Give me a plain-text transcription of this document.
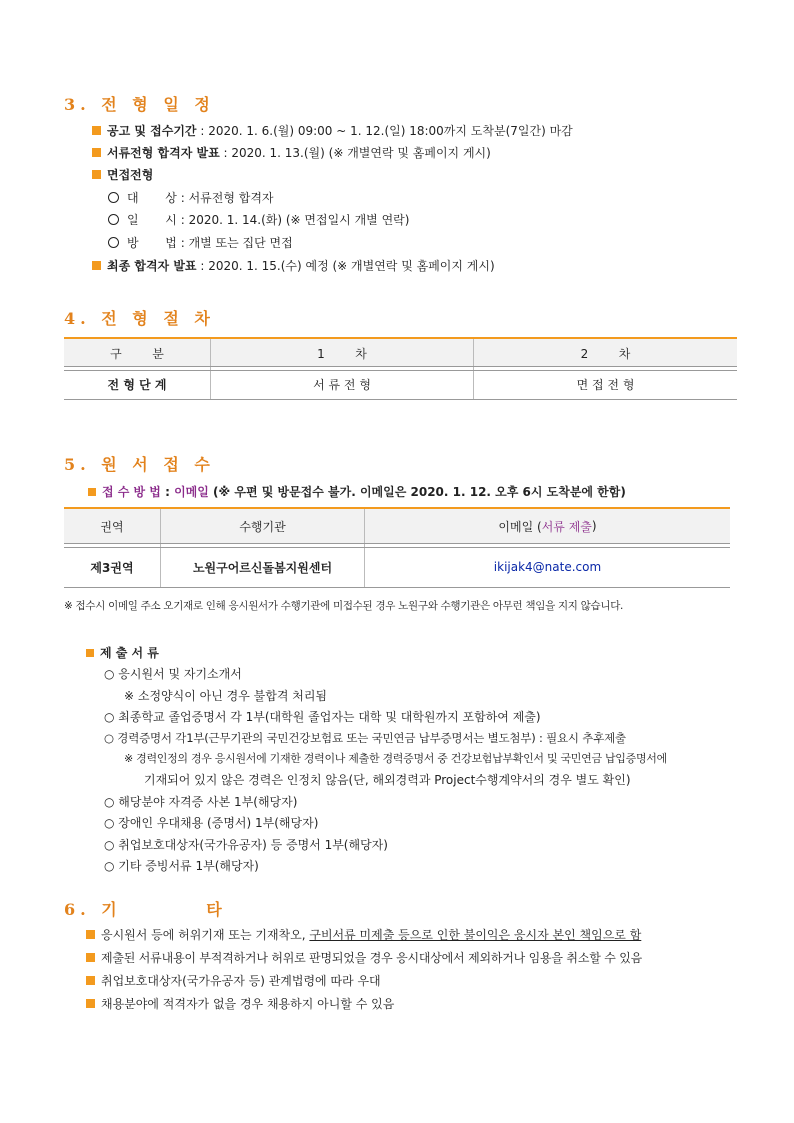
3. 전 형 일 정
공고 및 접수기간 : 2020. 1. 6.(월) 09:00 ~ 1. 12.(일) 18:00까지 도착분(7일간) 마감
서류전형 합격자 발표 : 2020. 1. 13.(월) (※ 개별연락 및 홈페이지 게시)
면접전형
대       상 : 서류전형 합격자
일       시 : 2020. 1. 14.(화) (※ 면접일시 개별 연락)
방       법 : 개별 또는 집단 면접
최종 합격자 발표 : 2020. 1. 15.(수) 예정 (※ 개별연락 및 홈페이지 게시)
4. 전 형 절 차
구        분	1        차	2        차
전 형 단 계	서 류 전 형	면 접 전 형
5. 원 서 접 수
접 수 방 법 : 이메일 (※ 우편 및 방문접수 불가. 이메일은 2020. 1. 12. 오후 6시 도착분에 한함)
권역	수행기관	이메일 ( 서류 제출 )
제3권역	노원구어르신돌봄지원센터	ikijak4@nate.com
※ 접수시 이메일 주소 오기재로 인해 응시원서가 수행기관에 미접수된 경우 노원구와 수행기관은 아무런 책임을 지지 않습니다.
제 출 서 류
○ 응시원서 및 자기소개서
※ 소정양식이 아닌 경우 불합격 처리됨
○ 최종학교 졸업증명서 각 1부(대학원 졸업자는 대학 및 대학원까지 포함하여 제출)
○ 경력증명서 각1부(근무기관의 국민건강보험료 또는 국민연금 납부증명서는 별도첨부) : 필요시 추후제출
※ 경력인정의 경우 응시원서에 기재한 경력이나 제출한 경력증명서 중 건강보험납부확인서 및 국민연금 납입증명서에
기재되어 있지 않은 경력은 인정치 않음(단, 해외경력과 Project수행계약서의 경우 별도 확인)
○ 해당분야 자격증 사본 1부(해당자)
○ 장애인 우대채용 (증명서) 1부(해당자)
○ 취업보호대상자(국가유공자) 등 증명서 1부(해당자)
○ 기타 증빙서류 1부(해당자)
6. 기        타
응시원서 등에 허위기재 또는 기재착오, 구비서류 미제출 등으로 인한 불이익은 응시자 본인 책임으로 함
제출된 서류내용이 부적격하거나 허위로 판명되었을 경우 응시대상에서 제외하거나 임용을 취소할 수 있음
취업보호대상자(국가유공자 등) 관계법령에 따라 우대
채용분야에 적격자가 없을 경우 채용하지 아니할 수 있음
